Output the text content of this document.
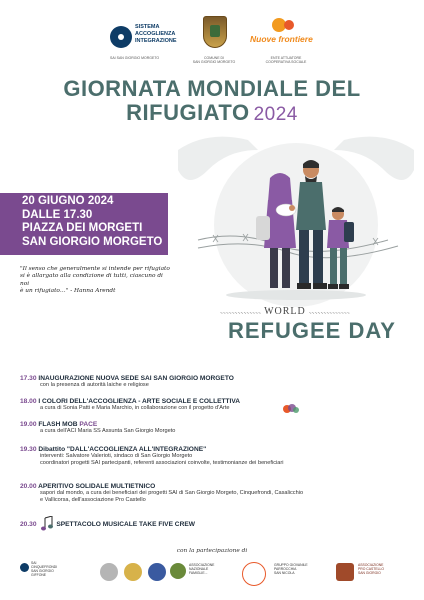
SISTEMA
ACCOGLIENZA
INTEGRAZIONE
SAI SAN GIORGIO MORGETO	COMUNE DI
SAN GIORGIO MORGETO
Nuove frontiere
ENTE ATTUATORE
COOPERATIVA SOCIALE
GIORNATA MONDIALE DEL
RIFUGIATO 2024
20 GIUGNO 2024
DALLE 17.30
PIAZZA DEI MORGETI
SAN GIORGIO MORGETO
"Il senso che generalmente si intende per rifugiato
si è allargato alla condizione di tutti, ciascuno di noi
è un rifugiato…" - Hanna Arendt
∿∿∿∿∿∿∿∿∿∿∿∿∿∿ WORLD ∿∿∿∿∿∿∿∿∿∿∿∿∿∿
REFUGEE DAY
17.30 INAUGURAZIONE NUOVA SEDE SAI SAN GIORGIO MORGETO
con la presenza di autorità laiche e religiose
18.00 I COLORI DELL'ACCOGLIENZA - ARTE SOCIALE E COLLETTIVA
a cura di Sonia Patti e Maria Marchio, in collaborazione con il progetto d'Arte
19.00 FLASH MOB PACE
a cura dell'ACI Maria SS Assunta San Giorgio Morgeto
19.30 Dibattito "DALL'ACCOGLIENZA ALL'INTEGRAZIONE"
interventi: Salvatore Valerioti, sindaco di San Giorgio Morgeto
coordinatori progetti SAI partecipanti, referenti associazioni coinvolte, testimonianze dei beneficiari
20.00 APERITIVO SOLIDALE MULTIETNICO
sapori dal mondo, a cura dei beneficiari dei progetti SAI di San Giorgio Morgeto, Cinquefrondi, Casalicchio
e Vallicorsa, dell'associazione Pro Castello
20.30	SPETTACOLO MUSICALE TAKE FIVE CREW
con la partecipazione di
SAI
CINQUEFRONDI
SAN GIORGIO
GIFFONE
ASSOCIAZIONE
NAZIONALE
FAMIGLIE...
GRUPPO GIOVANILE
PARROCCHIA
SAN NICOLA
ASSOCIAZIONE
PRO CASTELLO
SAN GIORGIO
